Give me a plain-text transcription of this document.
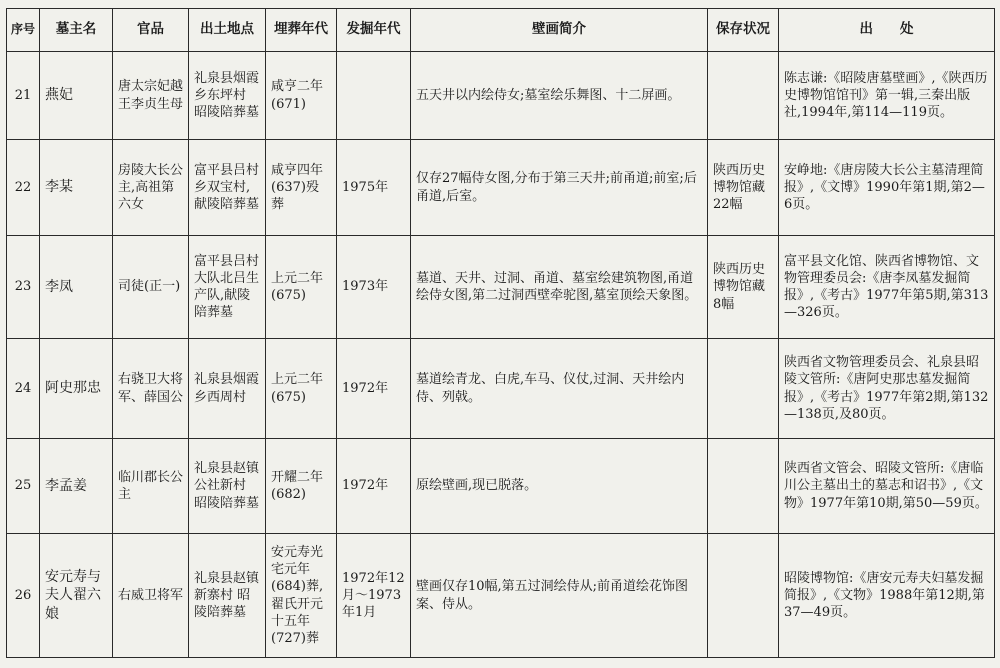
序号	墓主名	官品	出土地点	埋葬年代	发掘年代	壁画简介	保存状况	出　　处
21	燕妃	唐太宗妃越王李贞生母	礼泉县烟霞乡东坪村 昭陵陪葬墓	咸亨二年(671)		五天井以内绘侍女;墓室绘乐舞图、十二屏画。		陈志谦:《昭陵唐墓壁画》,《陕西历史博物馆馆刊》第一辑,三秦出版社,1994年,第114—119页。
22	李某	房陵大长公主,高祖第六女	富平县吕村乡双宝村,献陵陪葬墓	咸亨四年(637)殁葬	1975年	仅存27幅侍女图,分布于第三天井;前甬道;前室;后甬道,后室。	陕西历史博物馆藏22幅	安峥地:《唐房陵大长公主墓清理简报》,《文博》1990年第1期,第2—6页。
23	李凤	司徒(正一)	富平县吕村大队北吕生产队,献陵陪葬墓	上元二年(675)	1973年	墓道、天井、过洞、甬道、墓室绘建筑物图,甬道绘侍女图,第二过洞西壁牵驼图,墓室顶绘天象图。	陕西历史博物馆藏8幅	富平县文化馆、陕西省博物馆、文物管理委员会:《唐李凤墓发掘简报》,《考古》1977年第5期,第313—326页。
24	阿史那忠	右骁卫大将军、薛国公	礼泉县烟霞乡西周村	上元二年(675)	1972年	墓道绘青龙、白虎,车马、仪仗,过洞、天井绘内侍、列戟。		陕西省文物管理委员会、礼泉县昭陵文管所:《唐阿史那忠墓发掘简报》,《考古》1977年第2期,第132—138页,及80页。
25	李孟姜	临川郡长公主	礼泉县赵镇公社新村 昭陵陪葬墓	开耀二年(682)	1972年	原绘壁画,现已脱落。		陕西省文管会、昭陵文管所:《唐临川公主墓出土的墓志和诏书》,《文物》1977年第10期,第50—59页。
26	安元寿与夫人翟六娘	右威卫将军	礼泉县赵镇新寨村 昭陵陪葬墓	安元寿光宅元年(684)葬,翟氏开元十五年(727)葬	1972年12月～1973年1月	壁画仅存10幅,第五过洞绘侍从;前甬道绘花饰图案、侍从。		昭陵博物馆:《唐安元寿夫妇墓发掘简报》,《文物》1988年第12期,第37—49页。
